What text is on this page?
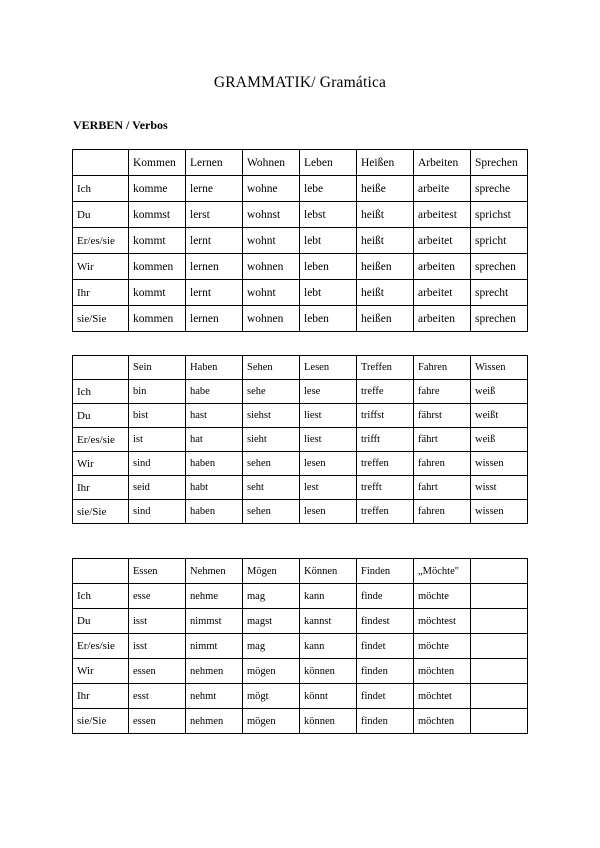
GRAMMATIK/ Gramática
VERBEN / Verbos
	Kommen	Lernen	Wohnen	Leben	Heißen	Arbeiten	Sprechen
Ich	komme	lerne	wohne	lebe	heiße	arbeite	spreche
Du	kommst	lerst	wohnst	lebst	heißt	arbeitest	sprichst
Er/es/sie	kommt	lernt	wohnt	lebt	heißt	arbeitet	spricht
Wir	kommen	lernen	wohnen	leben	heißen	arbeiten	sprechen
Ihr	kommt	lernt	wohnt	lebt	heißt	arbeitet	sprecht
sie/Sie	kommen	lernen	wohnen	leben	heißen	arbeiten	sprechen
	Sein	Haben	Sehen	Lesen	Treffen	Fahren	Wissen
Ich	bin	habe	sehe	lese	treffe	fahre	weiß
Du	bist	hast	siehst	liest	triffst	fährst	weißt
Er/es/sie	ist	hat	sieht	liest	trifft	fährt	weiß
Wir	sind	haben	sehen	lesen	treffen	fahren	wissen
Ihr	seid	habt	seht	lest	trefft	fahrt	wisst
sie/Sie	sind	haben	sehen	lesen	treffen	fahren	wissen
	Essen	Nehmen	Mögen	Können	Finden	„Möchte"	
Ich	esse	nehme	mag	kann	finde	möchte	
Du	isst	nimmst	magst	kannst	findest	möchtest	
Er/es/sie	isst	nimmt	mag	kann	findet	möchte	
Wir	essen	nehmen	mögen	können	finden	möchten	
Ihr	esst	nehmt	mögt	könnt	findet	möchtet	
sie/Sie	essen	nehmen	mögen	können	finden	möchten	
